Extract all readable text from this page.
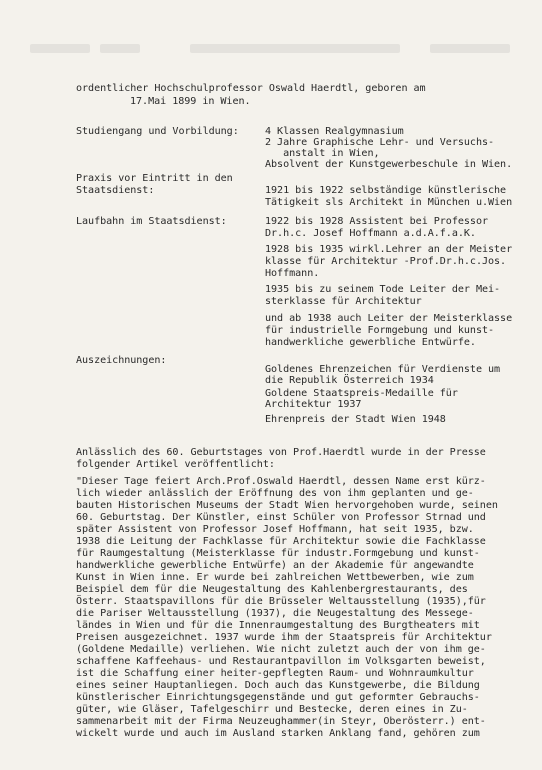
ordentlicher Hochschulprofessor Oswald Haerdtl, geboren am
17.Mai 1899 in Wien.
Studiengang und Vorbildung:	4 Klassen Realgymnasium
2 Jahre Graphische Lehr- und Versuchs-
anstalt in Wien,
Absolvent der Kunstgewerbeschule in Wien.
Praxis vor Eintritt in den
Staatsdienst:	1921 bis 1922 selbständige künstlerische
Tätigkeit sls Architekt in München u.Wien
Laufbahn im Staatsdienst:	1922 bis 1928 Assistent bei Professor
Dr.h.c. Josef Hoffmann a.d.A.f.a.K.
1928 bis 1935 wirkl.Lehrer an der Meister
klasse für Architektur -Prof.Dr.h.c.Jos.
Hoffmann.
1935 bis zu seinem Tode Leiter der Mei-
sterklasse für Architektur
und ab 1938 auch Leiter der Meisterklasse
für industrielle Formgebung und kunst-
handwerkliche gewerbliche Entwürfe.
Auszeichnungen:
Goldenes Ehrenzeichen für Verdienste um
die Republik Österreich 1934
Goldene Staatspreis-Medaille für
Architektur 1937
Ehrenpreis der Stadt Wien 1948
Anlässlich des 60. Geburtstages von Prof.Haerdtl wurde in der Presse
folgender Artikel veröffentlicht:
"Dieser Tage feiert Arch.Prof.Oswald Haerdtl, dessen Name erst kürz-
lich wieder anlässlich der Eröffnung des von ihm geplanten und ge-
bauten Historischen Museums der Stadt Wien hervorgehoben wurde, seinen
60. Geburtstag. Der Künstler, einst Schüler von Professor Strnad und
später Assistent von Professor Josef Hoffmann, hat seit 1935, bzw.
1938 die Leitung der Fachklasse für Architektur sowie die Fachklasse
für Raumgestaltung (Meisterklasse für industr.Formgebung und kunst-
handwerkliche gewerbliche Entwürfe) an der Akademie für angewandte
Kunst in Wien inne. Er wurde bei zahlreichen Wettbewerben, wie zum
Beispiel dem für die Neugestaltung des Kahlenbergrestaurants, des
Österr. Staatspavillons für die Brüsseler Weltausstellung (1935),für
die Pariser Weltausstellung (1937), die Neugestaltung des Messege-
ländes in Wien und für die Innenraumgestaltung des Burgtheaters mit
Preisen ausgezeichnet. 1937 wurde ihm der Staatspreis für Architektur
(Goldene Medaille) verliehen. Wie nicht zuletzt auch der von ihm ge-
schaffene Kaffeehaus- und Restaurantpavillon im Volksgarten beweist,
ist die Schaffung einer heiter-gepflegten Raum- und Wohnraumkultur
eines seiner Hauptanliegen. Doch auch das Kunstgewerbe, die Bildung
künstlerischer Einrichtungsgegenstände und gut geformter Gebrauchs-
güter, wie Gläser, Tafelgeschirr und Bestecke, deren eines in Zu-
sammenarbeit mit der Firma Neuzeughammer(in Steyr, Oberösterr.) ent-
wickelt wurde und auch im Ausland starken Anklang fand, gehören zum
